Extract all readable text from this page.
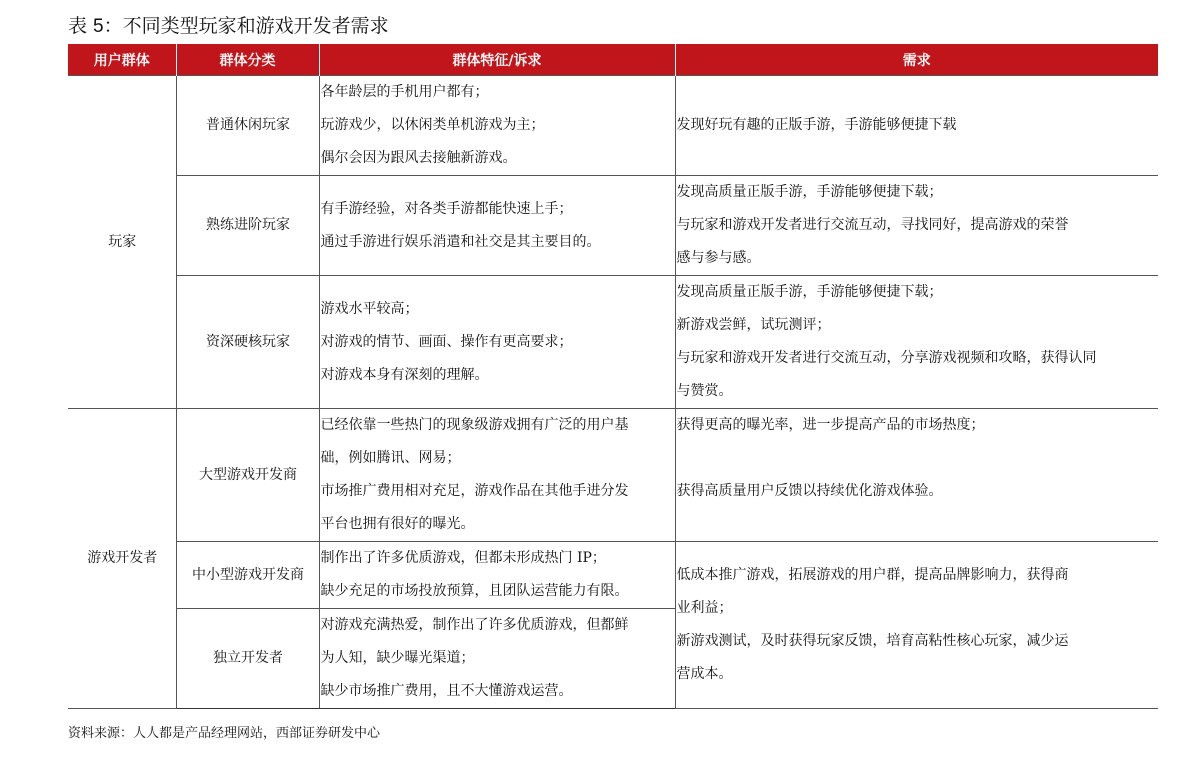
表 5：不同类型玩家和游戏开发者需求
用户群体	群体分类	群体特征/诉求	需求
玩家	普通休闲玩家	各年龄层的手机用户都有；
玩游戏少，以休闲类单机游戏为主；
偶尔会因为跟风去接触新游戏。	发现好玩有趣的正版手游，手游能够便捷下载

	熟练进阶玩家	有手游经验，对各类手游都能快速上手；
通过手游进行娱乐消遣和社交是其主要目的。	发现高质量正版手游，手游能够便捷下载；
与玩家和游戏开发者进行交流互动，寻找同好，提高游戏的荣誉
感与参与感。

	资深硬核玩家	游戏水平较高；
对游戏的情节、画面、操作有更高要求；
对游戏本身有深刻的理解。	发现高质量正版手游，手游能够便捷下载；
新游戏尝鲜，试玩测评；
与玩家和游戏开发者进行交流互动，分享游戏视频和攻略，获得认同
与赞赏。

游戏开发者	大型游戏开发商	已经依靠一些热门的现象级游戏拥有广泛的用户基
础，例如腾讯、网易；
市场推广费用相对充足，游戏作品在其他手进分发
平台也拥有很好的曝光。	获得更高的曝光率，进一步提高产品的市场热度；

获得高质量用户反馈以持续优化游戏体验。

	中小型游戏开发商	制作出了许多优质游戏，但都未形成热门 IP；
缺少充足的市场投放预算，且团队运营能力有限。	低成本推广游戏，拓展游戏的用户群，提高品牌影响力，获得商
业利益；
新游戏测试，及时获得玩家反馈，培育高粘性核心玩家，减少运
营成本。

	独立开发者	对游戏充满热爱，制作出了许多优质游戏，但都鲜
为人知，缺少曝光渠道；
缺少市场推广费用，且不大懂游戏运营。	
资料来源：人人都是产品经理网站，西部证券研发中心
